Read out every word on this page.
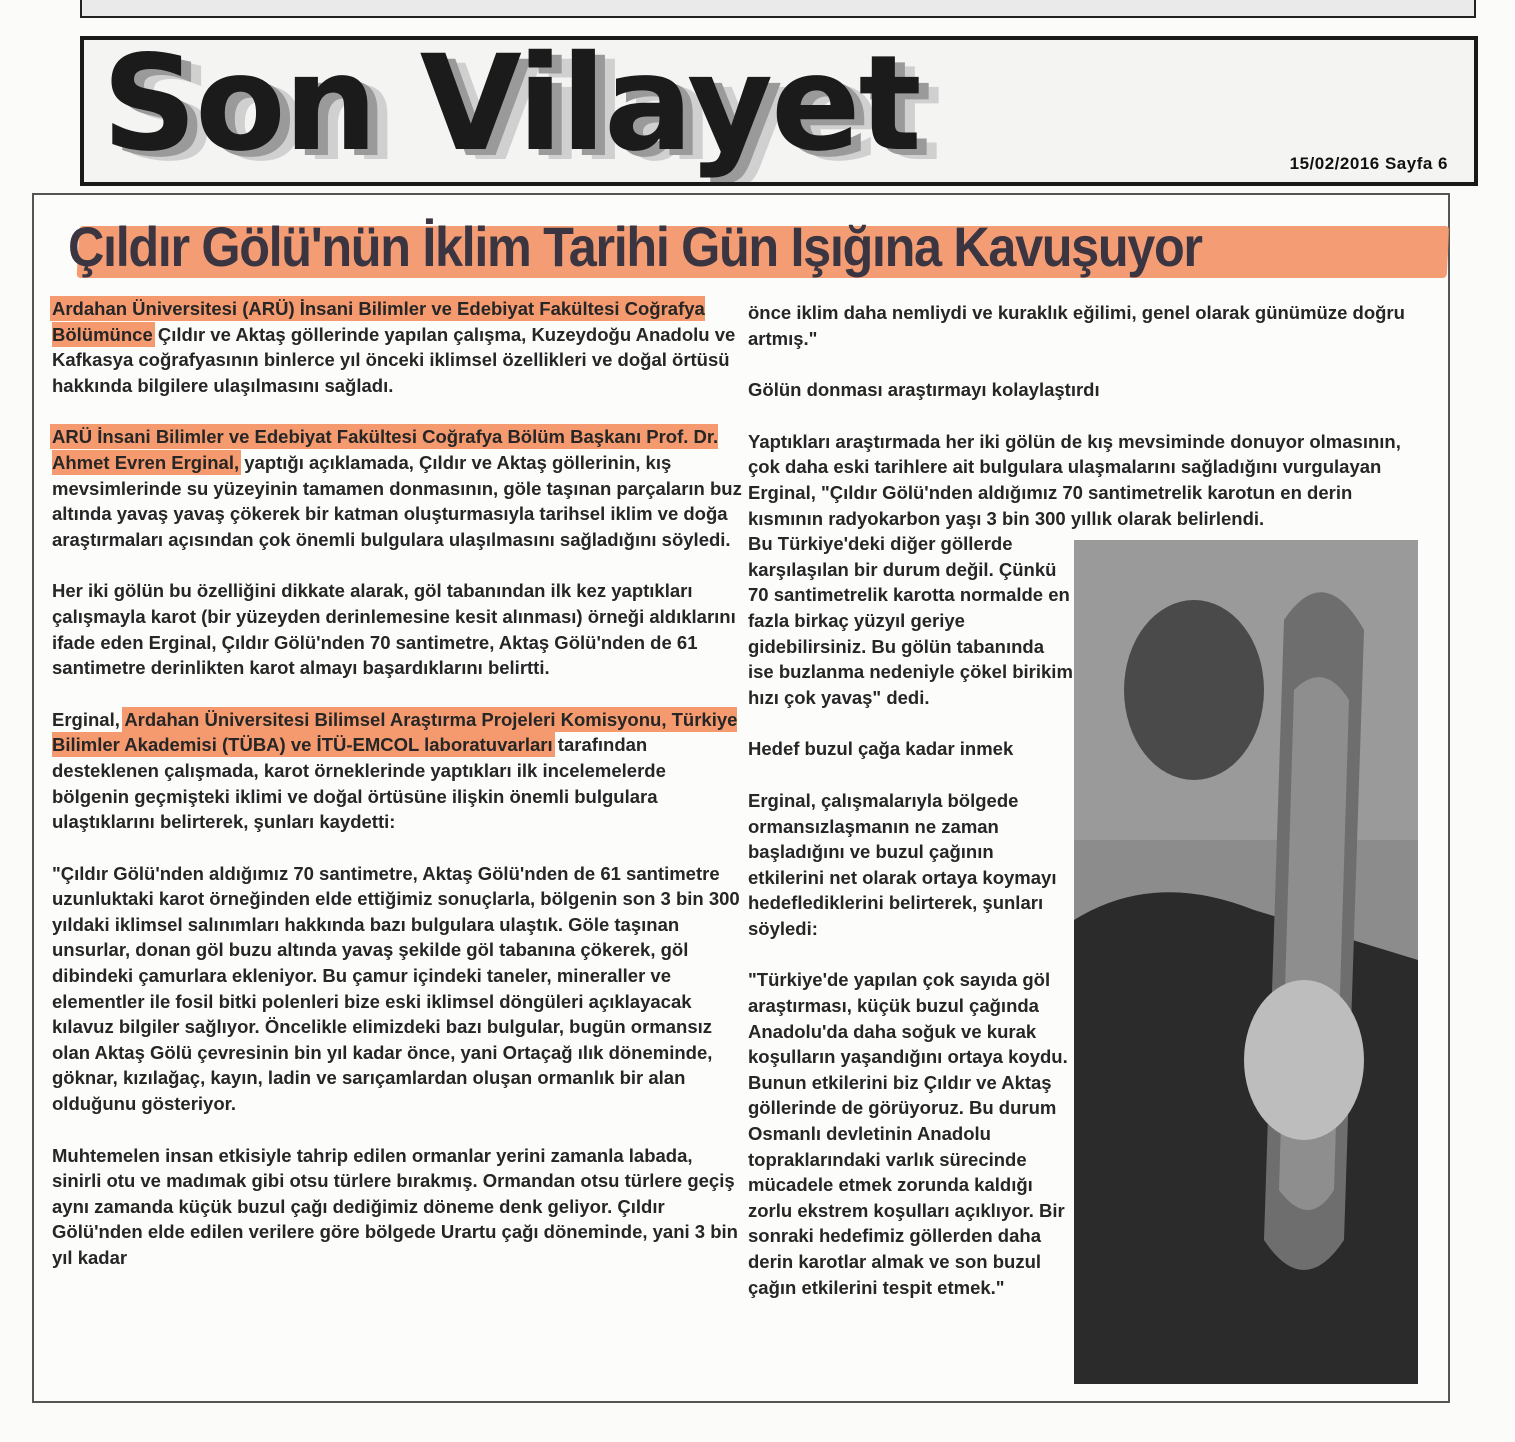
Son Vilayet	15/02/2016 Sayfa 6
Çıldır Gölü'nün İklim Tarihi Gün Işığına Kavuşuyor

Ardahan Üniversitesi (ARÜ) İnsani Bilimler ve Edebiyat Fakültesi Coğrafya Bölümünce Çıldır ve Aktaş göllerinde yapılan çalışma, Kuzeydoğu Anadolu ve Kafkasya coğrafyasının binlerce yıl önceki iklimsel özellikleri ve doğal örtüsü hakkında bilgilere ulaşılmasını sağladı.

ARÜ İnsani Bilimler ve Edebiyat Fakültesi Coğrafya Bölüm Başkanı Prof. Dr. Ahmet Evren Erginal, yaptığı açıklamada, Çıldır ve Aktaş göllerinin, kış mevsimlerinde su yüzeyinin tamamen donmasının, göle taşınan parçaların buz altında yavaş yavaş çökerek bir katman oluşturmasıyla tarihsel iklim ve doğa araştırmaları açısından çok önemli bulgulara ulaşılmasını sağladığını söyledi.

Her iki gölün bu özelliğini dikkate alarak, göl tabanından ilk kez yaptıkları çalışmayla karot (bir yüzeyden derinlemesine kesit alınması) örneği aldıklarını ifade eden Erginal, Çıldır Gölü'nden 70 santimetre, Aktaş Gölü'nden de 61 santimetre derinlikten karot almayı başardıklarını belirtti.

Erginal, Ardahan Üniversitesi Bilimsel Araştırma Projeleri Komisyonu, Türkiye Bilimler Akademisi (TÜBA) ve İTÜ-EMCOL laboratuvarları tarafından desteklenen çalışmada, karot örneklerinde yaptıkları ilk incelemelerde bölgenin geçmişteki iklimi ve doğal örtüsüne ilişkin önemli bulgulara ulaştıklarını belirterek, şunları kaydetti:

"Çıldır Gölü'nden aldığımız 70 santimetre, Aktaş Gölü'nden de 61 santimetre uzunluktaki karot örneğinden elde ettiğimiz sonuçlarla, bölgenin son 3 bin 300 yıldaki iklimsel salınımları hakkında bazı bulgulara ulaştık. Göle taşınan unsurlar, donan göl buzu altında yavaş şekilde göl tabanına çökerek, göl dibindeki çamurlara ekleniyor. Bu çamur içindeki taneler, mineraller ve elementler ile fosil bitki polenleri bize eski iklimsel döngüleri açıklayacak kılavuz bilgiler sağlıyor. Öncelikle elimizdeki bazı bulgular, bugün ormansız olan Aktaş Gölü çevresinin bin yıl kadar önce, yani Ortaçağ ılık döneminde, göknar, kızılağaç, kayın, ladin ve sarıçamlardan oluşan ormanlık bir alan olduğunu gösteriyor.

Muhtemelen insan etkisiyle tahrip edilen ormanlar yerini zamanla labada, sinirli otu ve madımak gibi otsu türlere bırakmış. Ormandan otsu türlere geçiş aynı zamanda küçük buzul çağı dediğimiz döneme denk geliyor. Çıldır Gölü'nden elde edilen verilere göre bölgede Urartu çağı döneminde, yani 3 bin yıl kadar

önce iklim daha nemliydi ve kuraklık eğilimi, genel olarak günümüze doğru artmış."

Gölün donması araştırmayı kolaylaştırdı

Yaptıkları araştırmada her iki gölün de kış mevsiminde donuyor olmasının, çok daha eski tarihlere ait bulgulara ulaşmalarını sağladığını vurgulayan Erginal, "Çıldır Gölü'nden aldığımız 70 santimetrelik karotun en derin kısmının radyokarbon yaşı 3 bin 300 yıllık olarak belirlendi.

Bu Türkiye'deki diğer göllerde karşılaşılan bir durum değil. Çünkü 70 santimetrelik karotta normalde en fazla birkaç yüzyıl geriye gidebilirsiniz. Bu gölün tabanında ise buzlanma nedeniyle çökel birikim hızı çok yavaş" dedi.

Hedef buzul çağa kadar inmek

Erginal, çalışmalarıyla bölgede ormansızlaşmanın ne zaman başladığını ve buzul çağının etkilerini net olarak ortaya koymayı hedeflediklerini belirterek, şunları söyledi:

"Türkiye'de yapılan çok sayıda göl araştırması, küçük buzul çağında Anadolu'da daha soğuk ve kurak koşulların yaşandığını ortaya koydu. Bunun etkilerini biz Çıldır ve Aktaş göllerinde de görüyoruz. Bu durum Osmanlı devletinin Anadolu topraklarındaki varlık sürecinde mücadele etmek zorunda kaldığı zorlu ekstrem koşulları açıklıyor. Bir sonraki hedefimiz göllerden daha derin karotlar almak ve son buzul çağın etkilerini tespit etmek."
